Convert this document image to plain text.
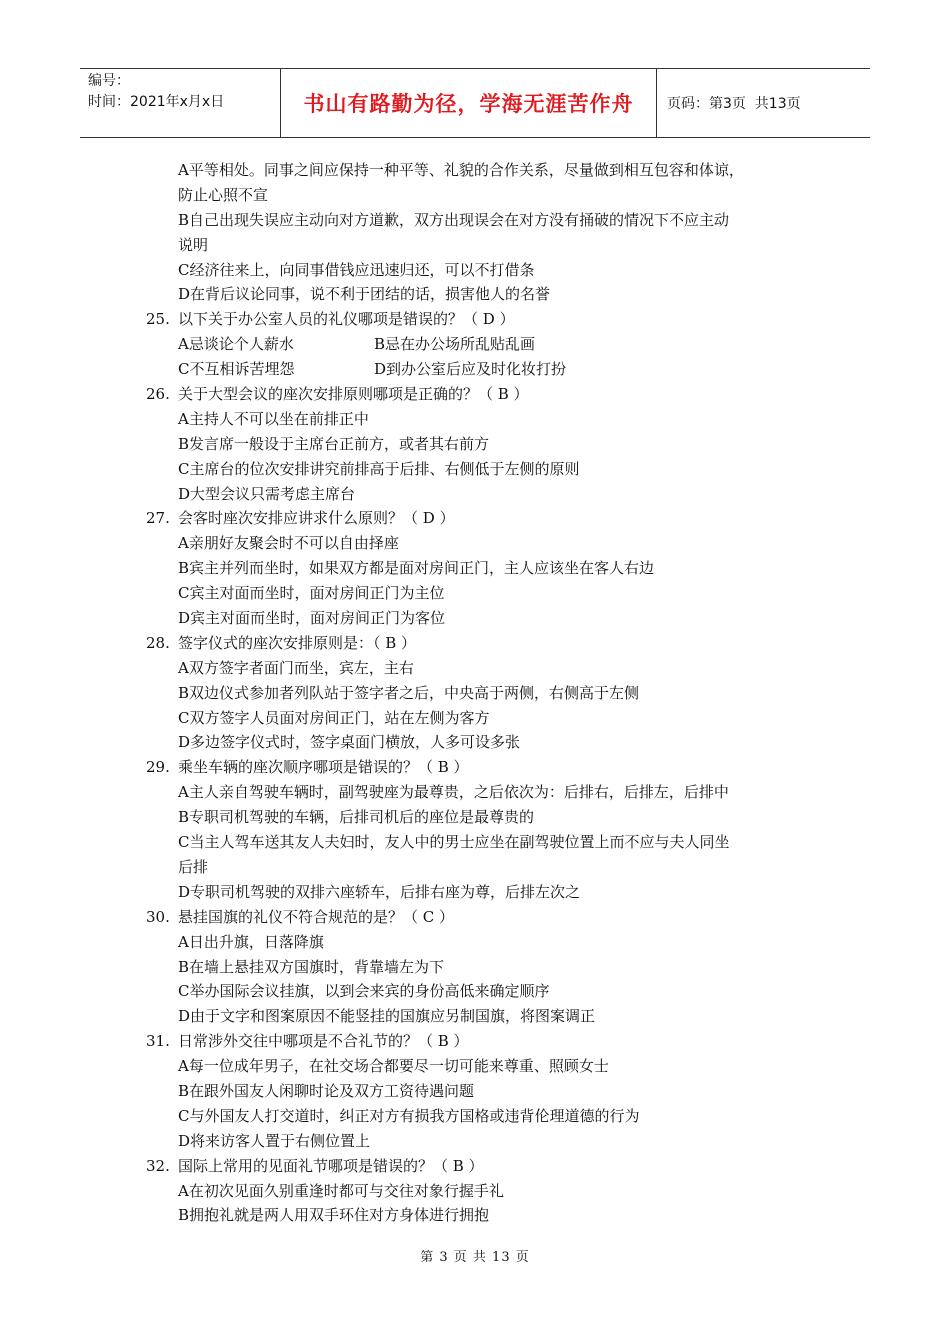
编号：
时间：2021年x月x日	书山有路勤为径，学海无涯苦作舟	页码：第3页  共13页
A平等相处。同事之间应保持一种平等、礼貌的合作关系，尽量做到相互包容和体谅，
防止心照不宣
B自己出现失误应主动向对方道歉，双方出现误会在对方没有捅破的情况下不应主动
说明
C经济往来上，向同事借钱应迅速归还，可以不打借条
D在背后议论同事，说不利于团结的话，损害他人的名誉
25. 以下关于办公室人员的礼仪哪项是错误的？（ D ）
A忌谈论个人薪水	B忌在办公场所乱贴乱画
C不互相诉苦埋怨	D到办公室后应及时化妆打扮
26. 关于大型会议的座次安排原则哪项是正确的？（ B ）
A主持人不可以坐在前排正中
B发言席一般设于主席台正前方，或者其右前方
C主席台的位次安排讲究前排高于后排、右侧低于左侧的原则
D大型会议只需考虑主席台
27. 会客时座次安排应讲求什么原则？（ D ）
A亲朋好友聚会时不可以自由择座
B宾主并列而坐时，如果双方都是面对房间正门，主人应该坐在客人右边
C宾主对面而坐时，面对房间正门为主位
D宾主对面而坐时，面对房间正门为客位
28. 签字仪式的座次安排原则是：（ B ）
A双方签字者面门而坐，宾左，主右
B双边仪式参加者列队站于签字者之后，中央高于两侧，右侧高于左侧
C双方签字人员面对房间正门，站在左侧为客方
D多边签字仪式时，签字桌面门横放，人多可设多张
29. 乘坐车辆的座次顺序哪项是错误的？（ B ）
A主人亲自驾驶车辆时，副驾驶座为最尊贵，之后依次为：后排右，后排左，后排中
B专职司机驾驶的车辆，后排司机后的座位是最尊贵的
C当主人驾车送其友人夫妇时，友人中的男士应坐在副驾驶位置上而不应与夫人同坐
后排
D专职司机驾驶的双排六座轿车，后排右座为尊，后排左次之
30. 悬挂国旗的礼仪不符合规范的是？（ C ）
A日出升旗，日落降旗
B在墙上悬挂双方国旗时，背靠墙左为下
C举办国际会议挂旗，以到会来宾的身份高低来确定顺序
D由于文字和图案原因不能竖挂的国旗应另制国旗，将图案调正
31. 日常涉外交往中哪项是不合礼节的？（ B ）
A每一位成年男子，在社交场合都要尽一切可能来尊重、照顾女士
B在跟外国友人闲聊时论及双方工资待遇问题
C与外国友人打交道时，纠正对方有损我方国格或违背伦理道德的行为
D将来访客人置于右侧位置上
32. 国际上常用的见面礼节哪项是错误的？（ B ）
A在初次见面久别重逢时都可与交往对象行握手礼
B拥抱礼就是两人用双手环住对方身体进行拥抱
第 3 页 共 13 页
